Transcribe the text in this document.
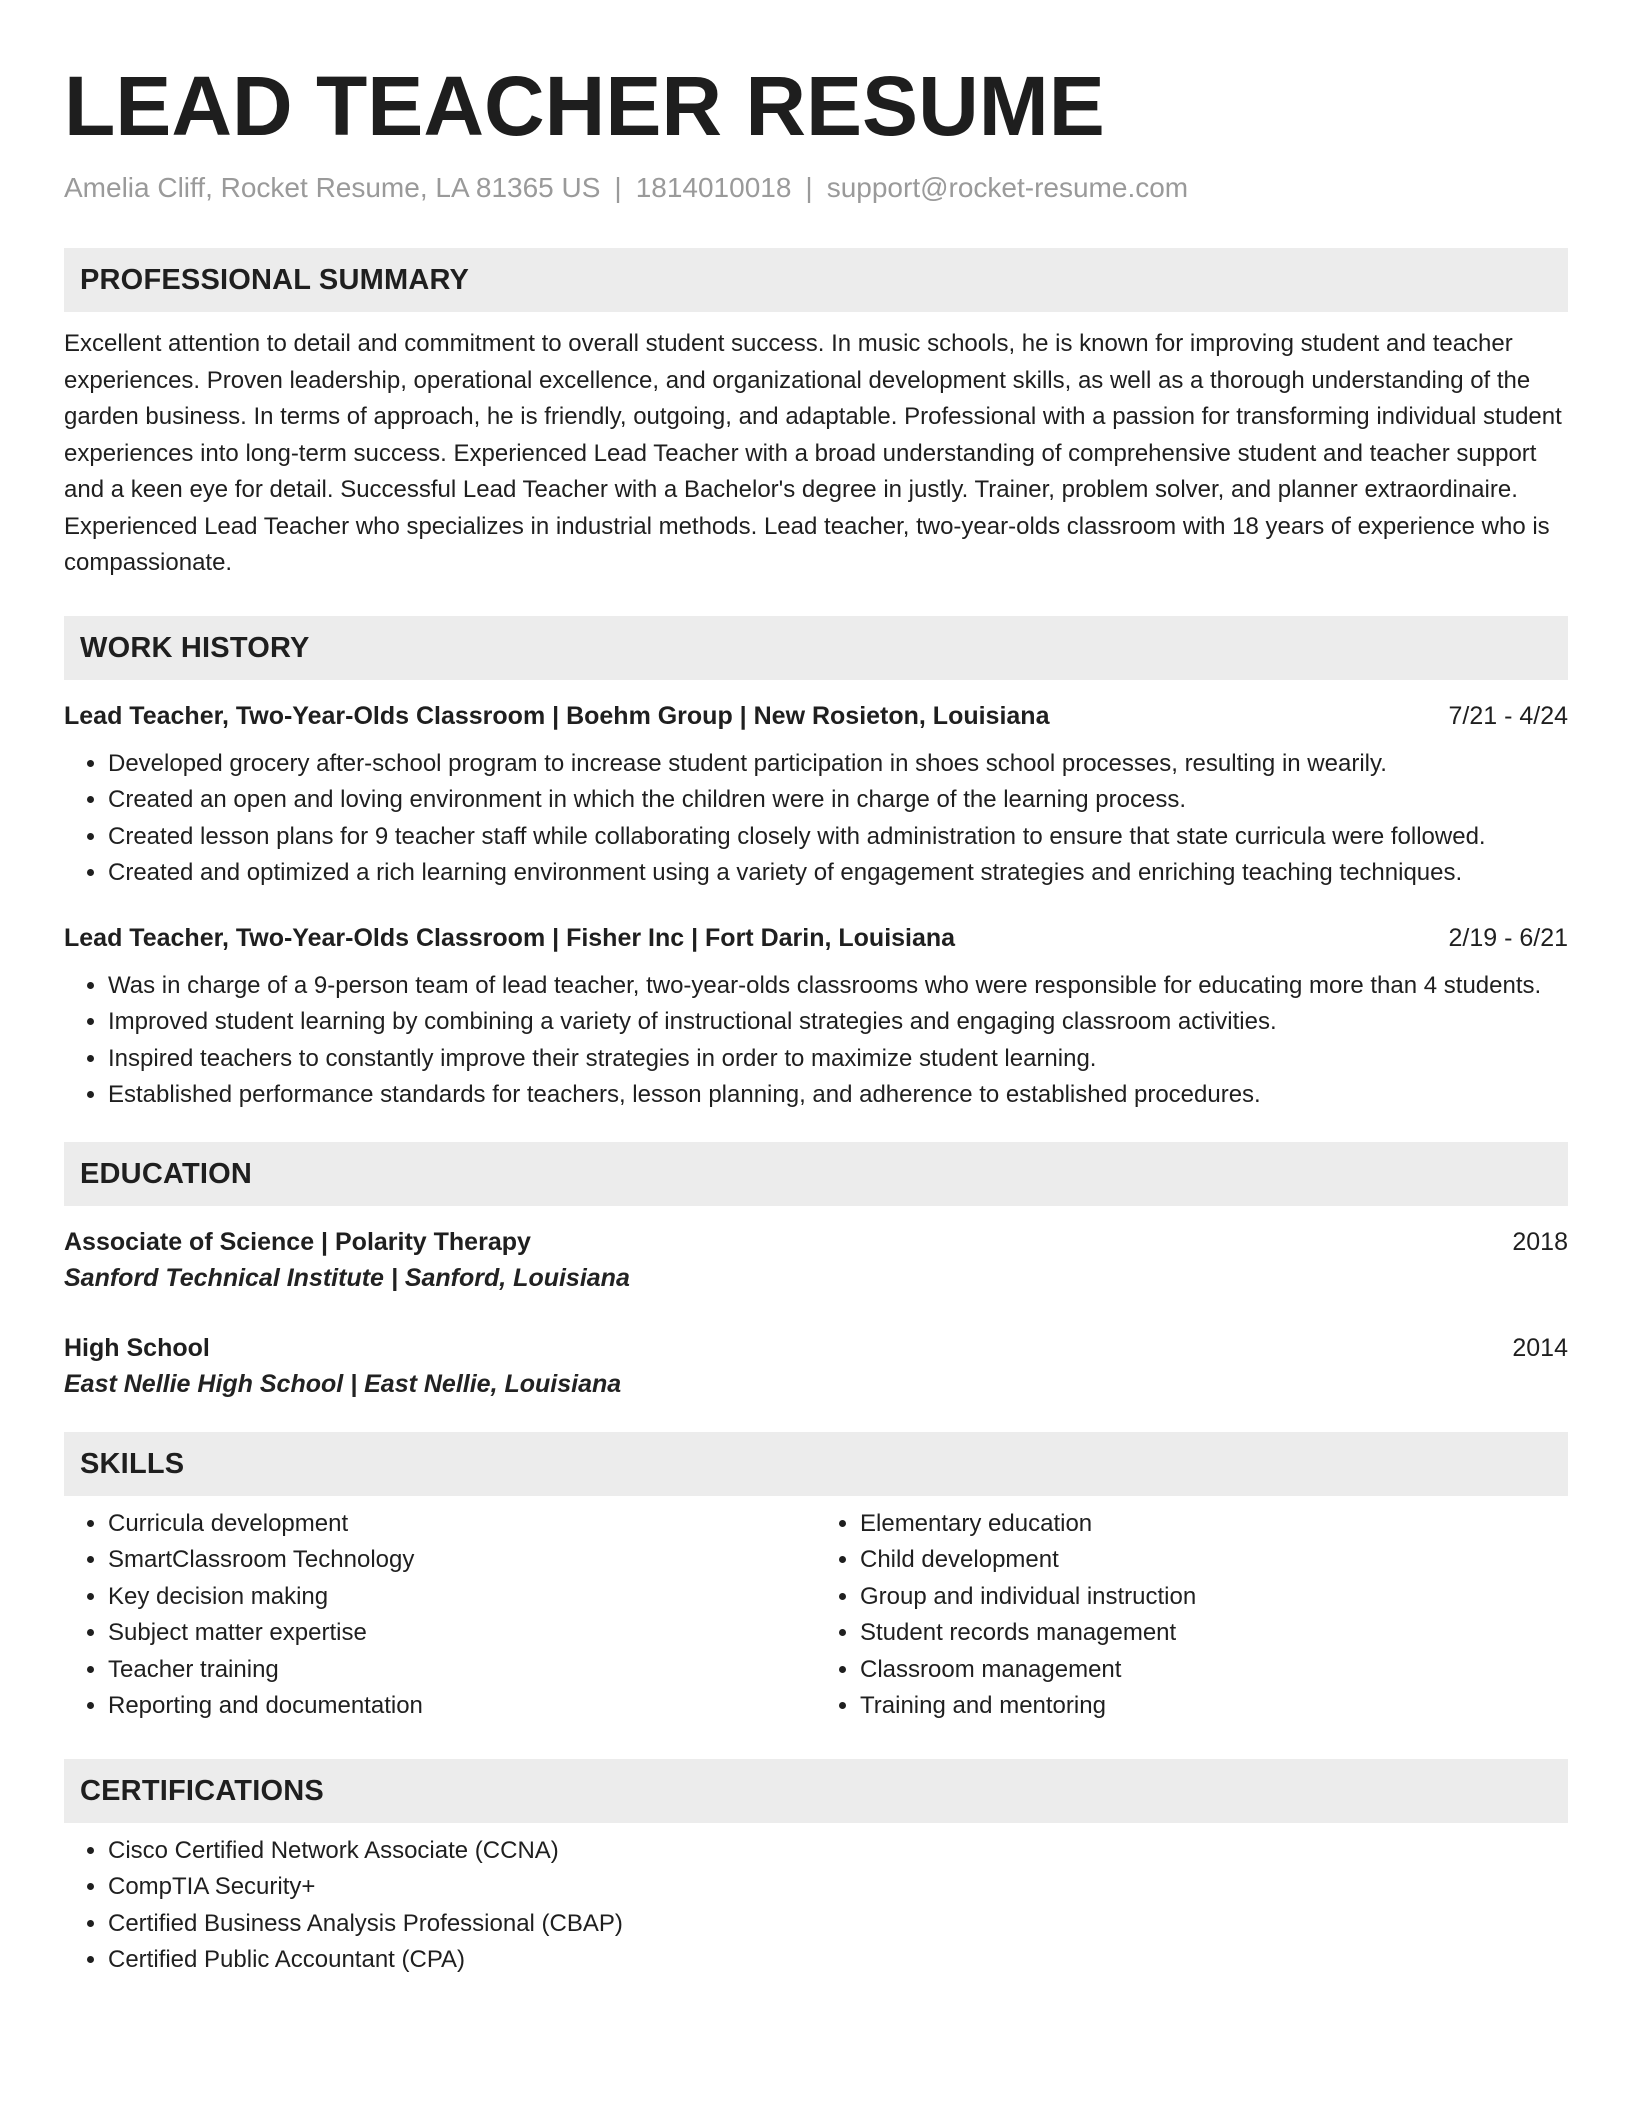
LEAD TEACHER RESUME
Amelia Cliff, Rocket Resume, LA 81365 US | 1814010018 | support@rocket-resume.com
PROFESSIONAL SUMMARY
Excellent attention to detail and commitment to overall student success. In music schools, he is known for improving student and teacher experiences. Proven leadership, operational excellence, and organizational development skills, as well as a thorough understanding of the garden business. In terms of approach, he is friendly, outgoing, and adaptable. Professional with a passion for transforming individual student experiences into long-term success. Experienced Lead Teacher with a broad understanding of comprehensive student and teacher support and a keen eye for detail. Successful Lead Teacher with a Bachelor's degree in justly. Trainer, problem solver, and planner extraordinaire. Experienced Lead Teacher who specializes in industrial methods. Lead teacher, two-year-olds classroom with 18 years of experience who is compassionate.
WORK HISTORY
Lead Teacher, Two-Year-Olds Classroom | Boehm Group | New Rosieton, Louisiana	7/21 - 4/24
• Developed grocery after-school program to increase student participation in shoes school processes, resulting in wearily.
• Created an open and loving environment in which the children were in charge of the learning process.
• Created lesson plans for 9 teacher staff while collaborating closely with administration to ensure that state curricula were followed.
• Created and optimized a rich learning environment using a variety of engagement strategies and enriching teaching techniques.
Lead Teacher, Two-Year-Olds Classroom | Fisher Inc | Fort Darin, Louisiana	2/19 - 6/21
• Was in charge of a 9-person team of lead teacher, two-year-olds classrooms who were responsible for educating more than 4 students.
• Improved student learning by combining a variety of instructional strategies and engaging classroom activities.
• Inspired teachers to constantly improve their strategies in order to maximize student learning.
• Established performance standards for teachers, lesson planning, and adherence to established procedures.
EDUCATION
Associate of Science | Polarity Therapy	2018
Sanford Technical Institute | Sanford, Louisiana
High School	2014
East Nellie High School | East Nellie, Louisiana
SKILLS
• Curricula development
• SmartClassroom Technology
• Key decision making
• Subject matter expertise
• Teacher training
• Reporting and documentation
• Elementary education
• Child development
• Group and individual instruction
• Student records management
• Classroom management
• Training and mentoring
CERTIFICATIONS
• Cisco Certified Network Associate (CCNA)
• CompTIA Security+
• Certified Business Analysis Professional (CBAP)
• Certified Public Accountant (CPA)
